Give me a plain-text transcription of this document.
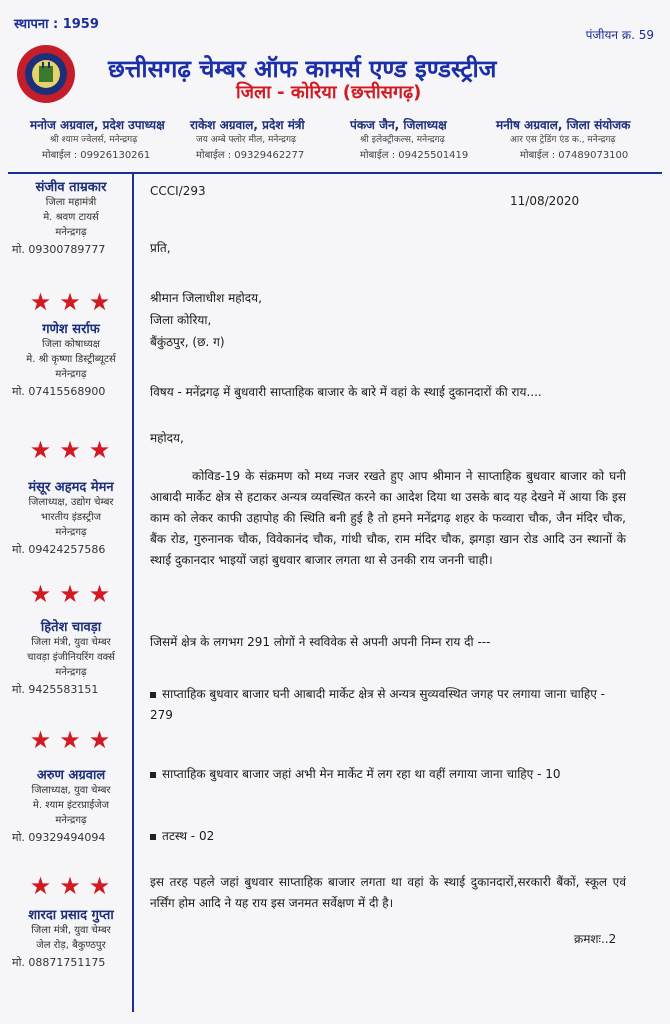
स्थापना : 1959
पंजीयन क्र. 59
छत्तीसगढ़ चेम्बर ऑफ कामर्स एण्ड इण्डस्ट्रीज
जिला - कोरिया (छत्तीसगढ़)
मनोज अग्रवाल, प्रदेश उपाध्यक्ष
श्री श्याम ज्वेलर्स, मनेन्द्रगढ़
मोबाईल : 09926130261
राकेश अग्रवाल, प्रदेश मंत्री
जय अम्बे फ्लोर मील, मनेन्द्रगढ़
मोबाईल : 09329462277
पंकज जैन, जिलाध्यक्ष
श्री इलेक्ट्रीकल्स, मनेन्द्रगढ़
मोबाईल : 09425501419
मनीष अग्रवाल, जिला संयोजक
आर एस ट्रेडिंग एंड क., मनेन्द्रगढ़
मोबाईल : 07489073100
संजीव ताम्रकार
जिला महामंत्री
मे. श्रवण टायर्स
मनेन्द्रगढ़
मो. 09300789777
★★★
गणेश सर्राफ
जिला कोषाध्यक्ष
मे. श्री कृष्णा डिस्ट्रीब्यूटर्स
मनेन्द्रगढ़
मो. 07415568900
★★★
मंसूर अहमद मेमन
जिलाध्यक्ष, उद्योग चेम्बर
भारतीय इंडस्ट्रीज
मनेन्द्रगढ़
मो. 09424257586
★★★
हितेश चावड़ा
जिला मंत्री, युवा चेम्बर
चावड़ा इंजीनियरिंग वर्क्स
मनेन्द्रगढ़
मो. 9425583151
★★★
अरुण अग्रवाल
जिलाध्यक्ष, युवा चेम्बर
मे. श्याम इंटरप्राईजेज
मनेन्द्रगढ़
मो. 09329494094
★★★
शारदा प्रसाद गुप्ता
जिला मंत्री, युवा चेम्बर
जेल रोड़, बैकुण्ठपुर
मो. 08871751175
CCCI/293
11/08/2020
प्रति,
श्रीमान जिलाधीश महोदय,
जिला कोरिया,
बैंकुंठपुर, (छ. ग)
विषय - मनेंद्रगढ़ में बुधवारी साप्ताहिक बाजार के बारे में वहां के स्थाई दुकानदारों की राय....
महोदय,
कोविड-19 के संक्रमण को मध्य नजर रखते हुए आप श्रीमान ने साप्ताहिक बुधवार बाजार को घनी आबादी मार्केट क्षेत्र से हटाकर अन्यत्र व्यवस्थित करने का आदेश दिया था उसके बाद यह देखने में आया कि इस काम को लेकर काफी उहापोह की स्थिति बनी हुई है तो हमने मनेंद्रगढ़ शहर के फव्वारा चौक, जैन मंदिर चौक, बैंक रोड, गुरुनानक चौक, विवेकानंद चौक, गांधी चौक, राम मंदिर चौक, झगड़ा खान रोड आदि उन स्थानों के स्थाई दुकानदार भाइयों जहां बुधवार बाजार लगता था से उनकी राय जननी चाही।
जिसमें क्षेत्र के लगभग 291 लोगों ने स्वविवेक से अपनी अपनी निम्न राय दी ---
साप्ताहिक बुधवार बाजार घनी आबादी मार्केट क्षेत्र से अन्यत्र सुव्यवस्थित जगह पर लगाया जाना चाहिए - 279
साप्ताहिक बुधवार बाजार जहां अभी मेन मार्केट में लग रहा था वहीं लगाया जाना चाहिए - 10
तटस्थ - 02
इस तरह पहले जहां बुधवार साप्ताहिक बाजार लगता था वहां के स्थाई दुकानदारों,सरकारी बैंकों, स्कूल एवं नर्सिंग होम आदि ने यह राय इस जनमत सर्वेक्षण में दी है।
क्रमशः..2
